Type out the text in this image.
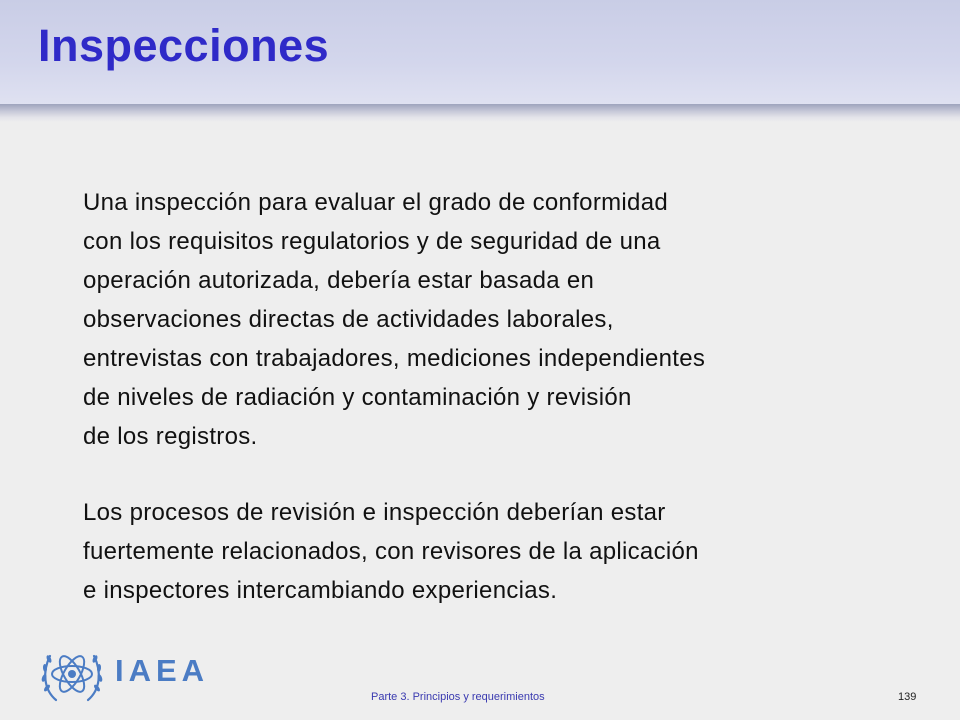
Inspecciones

Una inspección para evaluar el grado de conformidad
con los requisitos regulatorios y de seguridad de una
operación autorizada, debería estar basada en
observaciones directas de actividades laborales,
entrevistas con trabajadores, mediciones independientes
de niveles de radiación y contaminación y revisión
de los registros.

Los procesos de revisión e inspección deberían estar
fuertemente relacionados, con revisores de la aplicación
e inspectores intercambiando experiencias.

IAEA
Parte 3. Principios y requerimientos	139
